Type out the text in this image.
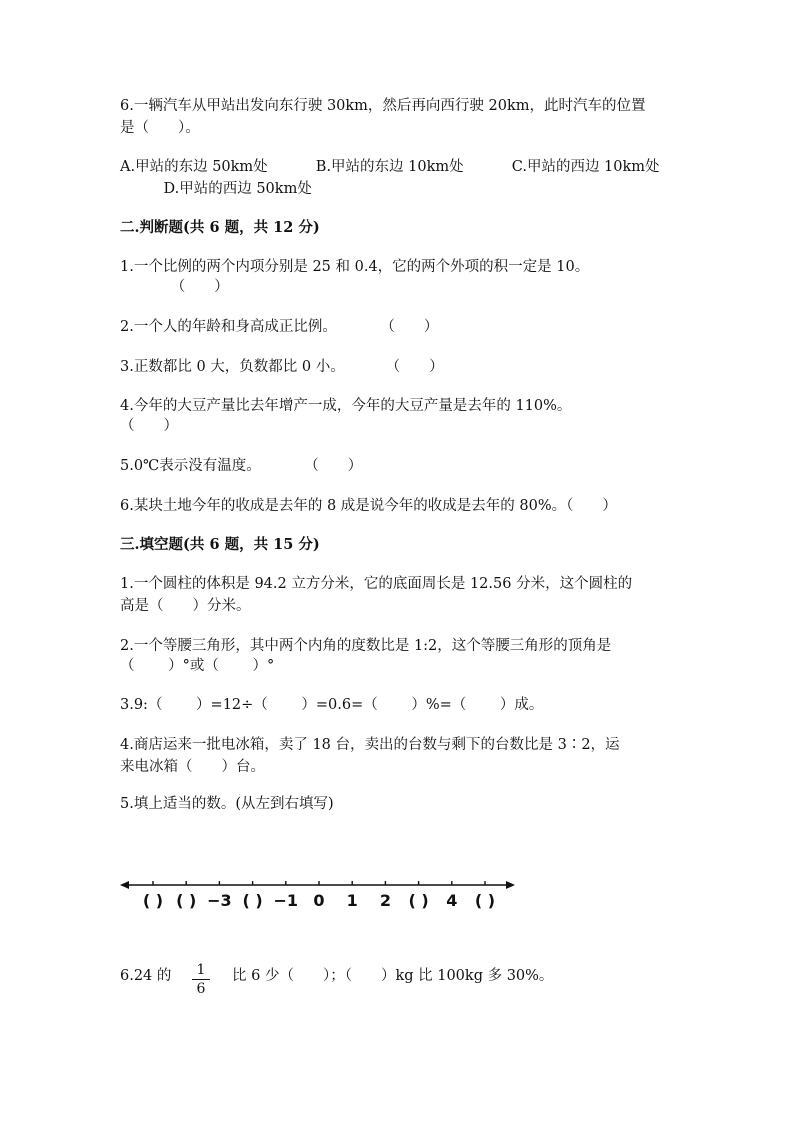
6.一辆汽车从甲站出发向东行驶 30km，然后再向西行驶 20km，此时汽车的位置

是（　　）。

A.甲站的东边 50km处　　　 B.甲站的东边 10km处　　　 C.甲站的西边 10km处

　　　D.甲站的西边 50km处

二.判断题(共 6 题，共 12 分)

1.一个比例的两个内项分别是 25 和 0.4，它的两个外项的积一定是 10。

　　　　（　　）

2.一个人的年龄和身高成正比例。　　　　（　　）

3.正数都比 0 大，负数都比 0 小。　　　 （　　）

4.今年的大豆产量比去年增产一成，今年的大豆产量是去年的 110%。

（　　）

5.0℃表示没有温度。　　　　（　　）

6.某块土地今年的收成是去年的 8 成是说今年的收成是去年的 80%。（　　）

三.填空题(共 6 题，共 15 分)

1.一个圆柱的体积是 94.2 立方分米，它的底面周长是 12.56 分米，这个圆柱的

高是（　　）分米。

2.一个等腰三角形，其中两个内角的度数比是 1:2，这个等腰三角形的顶角是

（　　 ）°或（　　 ）°

3.9:（　　 ）=12÷（　　 ）=0.6=（　　 ）%=（　　 ）成。

4.商店运来一批电冰箱，卖了 18 台，卖出的台数与剩下的台数比是 3∶2，运

来电冰箱（　　）台。

5.填上适当的数。(从左到右填写)

( ) ( ) −3 ( ) −1 0 1 2 ( ) 4 ( )

6.24 的 $\frac{1}{6}$ 比 6 少（　　）；（　　）kg 比 100kg 多 30%。
